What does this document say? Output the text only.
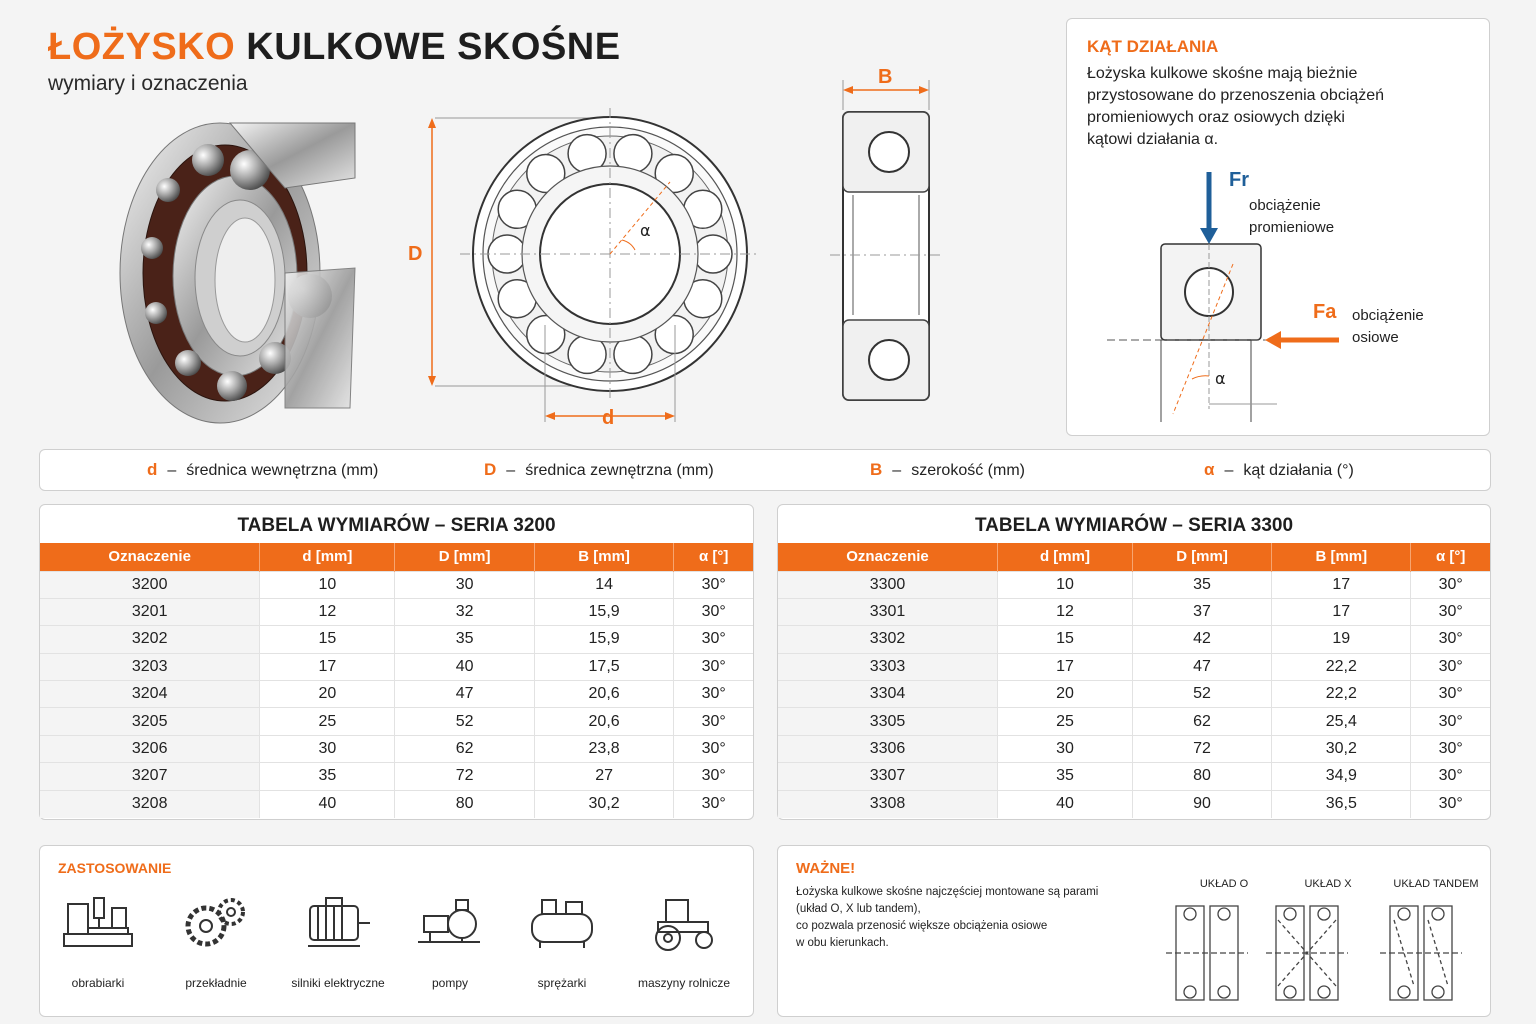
ŁOŻYSKO KULKOWE SKOŚNE
wymiary i oznaczenia
D
α
d
B
KĄT DZIAŁANIA
Łożyska kulkowe skośne mają bieżnie przystosowane do przenoszenia obciążeń promieniowych oraz osiowych dzięki kątowi działania α.
α
Fr
obciążenie promieniowe
Fa obciążenie osiowe
d – średnica wewnętrzna (mm)	D – średnica zewnętrzna (mm)	B – szerokość (mm)	α – kąt działania (°)
TABELA WYMIARÓW – SERIA 3200
Oznaczenie	d [mm]	D [mm]	B [mm]	α [°]
3200	10	30	14	30°
3201	12	32	15,9	30°
3202	15	35	15,9	30°
3203	17	40	17,5	30°
3204	20	47	20,6	30°
3205	25	52	20,6	30°
3206	30	62	23,8	30°
3207	35	72	27	30°
3208	40	80	30,2	30°
TABELA WYMIARÓW – SERIA 3300
Oznaczenie	d [mm]	D [mm]	B [mm]	α [°]
3300	10	35	17	30°
3301	12	37	17	30°
3302	15	42	19	30°
3303	17	47	22,2	30°
3304	20	52	22,2	30°
3305	25	62	25,4	30°
3306	30	72	30,2	30°
3307	35	80	34,9	30°
3308	40	90	36,5	30°
ZASTOSOWANIE
obrabiarki	przekładnie	silniki elektryczne	pompy	sprężarki	maszyny rolnicze
WAŻNE!
Łożyska kulkowe skośne najczęściej montowane są parami
(układ O, X lub tandem),
co pozwala przenosić większe obciążenia osiowe
w obu kierunkach.
UKŁAD O	UKŁAD X	UKŁAD TANDEM
